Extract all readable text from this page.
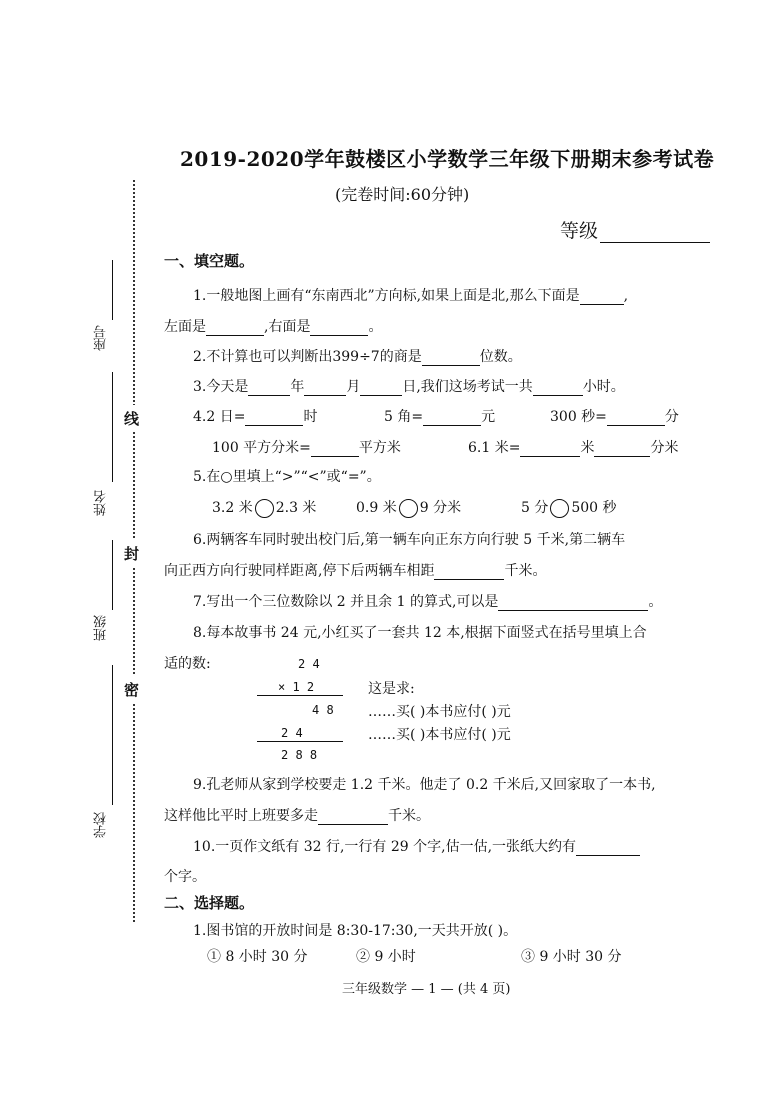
2019-2020学年鼓楼区小学数学三年级下册期末参考试卷
(完卷时间:60分钟)
等级
线
封
密
座号
姓名
班级
学校
一、填空题。
1.一般地图上画有“东南西北”方向标,如果上面是北,那么下面是	,
左面是	,右面是	。
2.不计算也可以判断出399÷7的商是	位数。
3.今天是	年	月	日,我们这场考试一共	小时。
4.2 日=	时	5 角=	元	300 秒=	分
100 平方分米=	平方米	6.1 米=	米	分米
5.在○里填上“>”“<”或“=”。
3.2 米 2.3 米	0.9 米 9 分米	5 分 500 秒
6.两辆客车同时驶出校门后,第一辆车向正东方向行驶 5 千米,第二辆车
向正西方向行驶同样距离,停下后两辆车相距	千米。
7.写出一个三位数除以 2 并且余 1 的算式,可以是	。
8.每本故事书 24 元,小红买了一套共 12 本,根据下面竖式在括号里填上合
适的数:	2 4
× 1 2
4 8
2 4
2 8 8
这是求:
……买( )本书应付( )元
……买( )本书应付( )元
9.孔老师从家到学校要走 1.2 千米。他走了 0.2 千米后,又回家取了一本书,
这样他比平时上班要多走	千米。
10.一页作文纸有 32 行,一行有 29 个字,估一估,一张纸大约有
个字。
二、选择题。
1.图书馆的开放时间是 8:30-17:30,一天共开放( )。
① 8 小时 30 分	② 9 小时	③ 9 小时 30 分
三年级数学 — 1 — (共 4 页)
